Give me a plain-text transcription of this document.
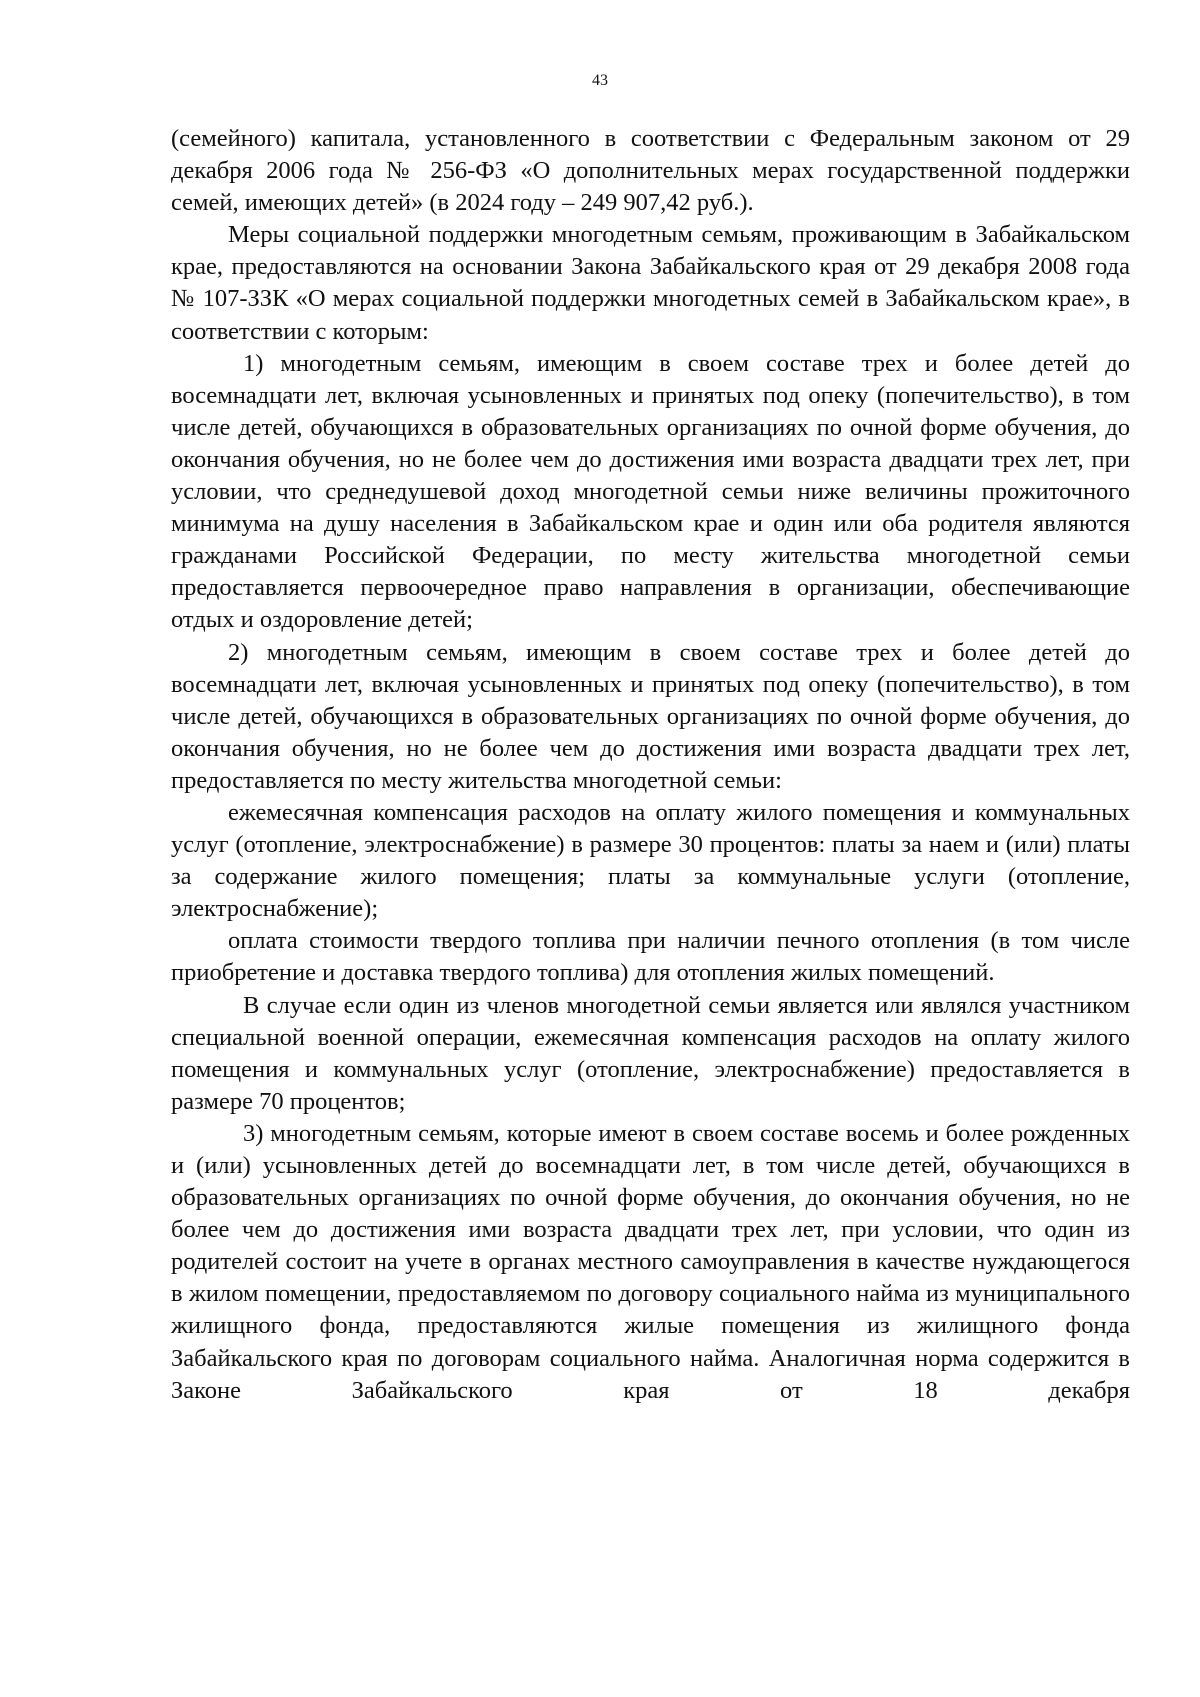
43

(семейного) капитала, установленного в соответствии с Федеральным законом от 29 декабря 2006 года № 256-ФЗ «О дополнительных мерах государственной поддержки семей, имеющих детей» (в 2024 году – 249 907,42 руб.).

Меры социальной поддержки многодетным семьям, проживающим в Забайкальском крае, предоставляются на основании Закона Забайкальского края от 29 декабря 2008 года № 107-ЗЗК «О мерах социальной поддержки многодетных семей в Забайкальском крае», в соответствии с которым:

1) многодетным семьям, имеющим в своем составе трех и более детей до восемнадцати лет, включая усыновленных и принятых под опеку (попечительство), в том числе детей, обучающихся в образовательных организациях по очной форме обучения, до окончания обучения, но не более чем до достижения ими возраста двадцати трех лет, при условии, что среднедушевой доход многодетной семьи ниже величины прожиточного минимума на душу населения в Забайкальском крае и один или оба родителя являются гражданами Российской Федерации, по месту жительства многодетной семьи предоставляется первоочередное право направления в организации, обеспечивающие отдых и оздоровление детей;

2) многодетным семьям, имеющим в своем составе трех и более детей до восемнадцати лет, включая усыновленных и принятых под опеку (попечительство), в том числе детей, обучающихся в образовательных организациях по очной форме обучения, до окончания обучения, но не более чем до достижения ими возраста двадцати трех лет, предоставляется по месту жительства многодетной семьи:

ежемесячная компенсация расходов на оплату жилого помещения и коммунальных услуг (отопление, электроснабжение) в размере 30 процентов: платы за наем и (или) платы за содержание жилого помещения; платы за коммунальные услуги (отопление, электроснабжение);

оплата стоимости твердого топлива при наличии печного отопления (в том числе приобретение и доставка твердого топлива) для отопления жилых помещений.

В случае если один из членов многодетной семьи является или являлся участником специальной военной операции, ежемесячная компенсация расходов на оплату жилого помещения и коммунальных услуг (отопление, электроснабжение) предоставляется в размере 70 процентов;

3) многодетным семьям, которые имеют в своем составе восемь и более рожденных и (или) усыновленных детей до восемнадцати лет, в том числе детей, обучающихся в образовательных организациях по очной форме обучения, до окончания обучения, но не более чем до достижения ими возраста двадцати трех лет, при условии, что один из родителей состоит на учете в органах местного самоуправления в качестве нуждающегося в жилом помещении, предоставляемом по договору социального найма из муниципального жилищного фонда, предоставляются жилые помещения из жилищного фонда Забайкальского края по договорам социального найма. Аналогичная норма содержится в Законе Забайкальского края от 18 декабря
